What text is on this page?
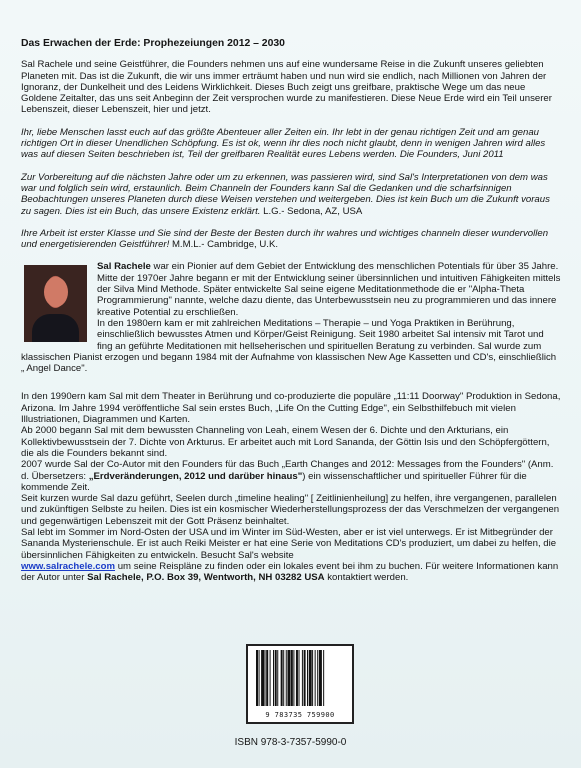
Das Erwachen der Erde: Prophezeiungen 2012 – 2030

Sal Rachele und seine Geistführer, die Founders nehmen uns auf eine wundersame Reise in die Zukunft unseres geliebten Planeten mit. Das ist die Zukunft, die wir uns immer erträumt haben und nun wird sie endlich, nach Millionen von Jahren der Ignoranz, der Dunkelheit und des Leidens Wirklichkeit. Dieses Buch zeigt uns greifbare, praktische Wege um das neue Goldene Zeitalter, das uns seit Anbeginn der Zeit versprochen wurde zu manifestieren. Diese Neue Erde wird ein Teil unserer Lebenszeit, dieser Lebenszeit, hier und jetzt.

Ihr, liebe Menschen lasst euch auf das größte Abenteuer aller Zeiten ein. Ihr lebt in der genau richtigen Zeit und am genau richtigen Ort in dieser Unendlichen Schöpfung. Es ist ok, wenn ihr dies noch nicht glaubt, denn in wenigen Jahren wird alles was auf diesen Seiten beschrieben ist, Teil der greifbaren Realität eures Lebens werden. Die Founders, Juni 2011

Zur Vorbereitung auf die nächsten Jahre oder um zu erkennen, was passieren wird, sind Sal's Interpretationen von dem was war und folglich sein wird, erstaunlich. Beim Channeln der Founders kann Sal die Gedanken und die scharfsinnigen Beobachtungen unseres Planeten durch diese Weisen verstehen und weitergeben. Dies ist kein Buch um die Zukunft voraus zu sagen. Dies ist ein Buch, das unsere Existenz erklärt. L.G.- Sedona, AZ, USA

Ihre Arbeit ist erster Klasse und Sie sind der Beste der Besten durch ihr wahres und wichtiges channeln dieser wundervollen und energetisierenden Geistführer! M.M.L.- Cambridge, U.K.

Sal Rachele war ein Pionier auf dem Gebiet der Entwicklung des menschlichen Potentials für über 35 Jahre. Mitte der 1970er Jahre begann er mit der Entwicklung seiner übersinnlichen und intuitiven Fähigkeiten mittels der Silva Mind Methode. Später entwickelte Sal seine eigene Meditationmethode die er "Alpha-Theta Programmierung" nannte, welche dazu diente, das Unterbewusstsein neu zu programmieren und das innere kreative Potential zu erschließen.
In den 1980ern kam er mit zahlreichen Meditations – Therapie – und Yoga Praktiken in Berührung, einschließlich bewusstes Atmen und Körper/Geist Reinigung. Seit 1980 arbeitet Sal intensiv mit Tarot und fing an geführte Meditationen mit hellseherischen und spirituellen Beratung zu verbinden. Sal wurde zum klassischen Pianist erzogen und begann 1984 mit der Aufnahme von klassischen New Age Kassetten und CD's, einschließlich „ Angel Dance".
In den 1990ern kam Sal mit dem Theater in Berührung und co-produzierte die populäre „11:11 Doorway" Produktion in Sedona, Arizona. Im Jahre 1994 veröffentliche Sal sein erstes Buch, „Life On the Cutting Edge", ein Selbsthilfebuch mit vielen Illustriationen, Diagrammen und Karten.
Ab 2000 begann Sal mit dem bewussten Channeling von Leah, einem Wesen der 6. Dichte und den Arkturians, ein Kollektivbewusstsein der 7. Dichte von Arkturus. Er arbeitet auch mit Lord Sananda, der Göttin Isis und den Schöpfergöttern, die als die Founders bekannt sind.
2007 wurde Sal der Co-Autor mit den Founders für das Buch „Earth Changes and 2012: Messages from the Founders" (Anm. d. Übersetzers: „Erdveränderungen, 2012 und darüber hinaus") ein wissenschaftlicher und spiritueller Führer für die kommende Zeit.
Seit kurzen wurde Sal dazu geführt, Seelen durch „timeline healing" [ Zeitlinienheilung] zu helfen, ihre vergangenen, parallelen und zukünftigen Selbste zu heilen. Dies ist ein kosmischer Wiederherstellungsprozess der das Verschmelzen der vergangenen und gegenwärtigen Lebenszeit mit der Gott Präsenz beinhaltet.
Sal lebt im Sommer im Nord-Osten der USA und im Winter im Süd-Westen, aber er ist viel unterwegs. Er ist Mitbegründer der Sananda Mysterienschule. Er ist auch Reiki Meister er hat eine Serie von Meditations CD's produziert, um dabei zu helfen, die übersinnlichen Fähigkeiten zu entwickeln. Besucht Sal's website
www.salrachele.com um seine Reispläne zu finden oder ein lokales event bei ihm zu buchen. Für weitere Informationen kann der Autor unter Sal Rachele, P.O. Box 39, Wentworth, NH 03282 USA kontaktiert werden.
9 783735 759900
ISBN 978-3-7357-5990-0
